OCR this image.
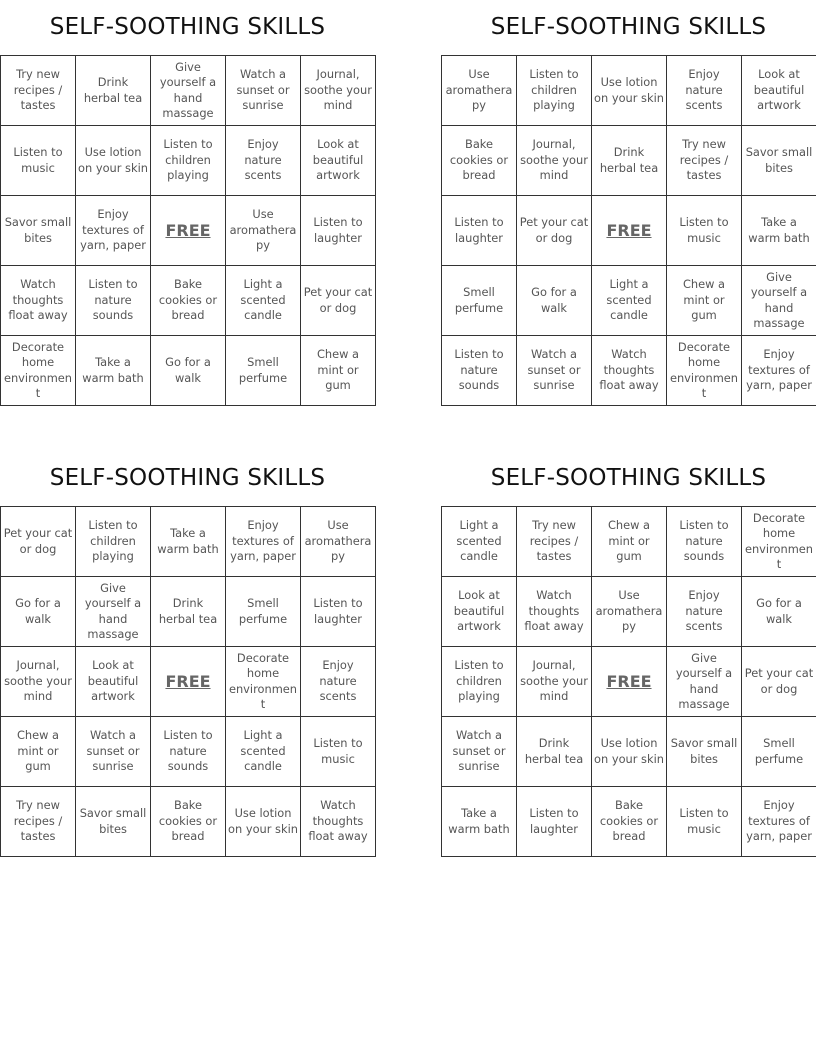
SELF-SOOTHING SKILLS
Try new recipes / tastes	Drink herbal tea	Give yourself a hand massage	Watch a sunset or sunrise	Journal, soothe your mind
Listen to music	Use lotion on your skin	Listen to children playing	Enjoy nature scents	Look at beautiful artwork
Savor small bites	Enjoy textures of yarn, paper	FREE	Use aromatherapy	Listen to laughter
Watch thoughts float away	Listen to nature sounds	Bake cookies or bread	Light a scented candle	Pet your cat or dog
Decorate home environment	Take a warm bath	Go for a walk	Smell perfume	Chew a mint or gum
SELF-SOOTHING SKILLS
Use aromatherapy	Listen to children playing	Use lotion on your skin	Enjoy nature scents	Look at beautiful artwork
Bake cookies or bread	Journal, soothe your mind	Drink herbal tea	Try new recipes / tastes	Savor small bites
Listen to laughter	Pet your cat or dog	FREE	Listen to music	Take a warm bath
Smell perfume	Go for a walk	Light a scented candle	Chew a mint or gum	Give yourself a hand massage
Listen to nature sounds	Watch a sunset or sunrise	Watch thoughts float away	Decorate home environment	Enjoy textures of yarn, paper
SELF-SOOTHING SKILLS
Pet your cat or dog	Listen to children playing	Take a warm bath	Enjoy textures of yarn, paper	Use aromatherapy
Go for a walk	Give yourself a hand massage	Drink herbal tea	Smell perfume	Listen to laughter
Journal, soothe your mind	Look at beautiful artwork	FREE	Decorate home environment	Enjoy nature scents
Chew a mint or gum	Watch a sunset or sunrise	Listen to nature sounds	Light a scented candle	Listen to music
Try new recipes / tastes	Savor small bites	Bake cookies or bread	Use lotion on your skin	Watch thoughts float away
SELF-SOOTHING SKILLS
Light a scented candle	Try new recipes / tastes	Chew a mint or gum	Listen to nature sounds	Decorate home environment
Look at beautiful artwork	Watch thoughts float away	Use aromatherapy	Enjoy nature scents	Go for a walk
Listen to children playing	Journal, soothe your mind	FREE	Give yourself a hand massage	Pet your cat or dog
Watch a sunset or sunrise	Drink herbal tea	Use lotion on your skin	Savor small bites	Smell perfume
Take a warm bath	Listen to laughter	Bake cookies or bread	Listen to music	Enjoy textures of yarn, paper
